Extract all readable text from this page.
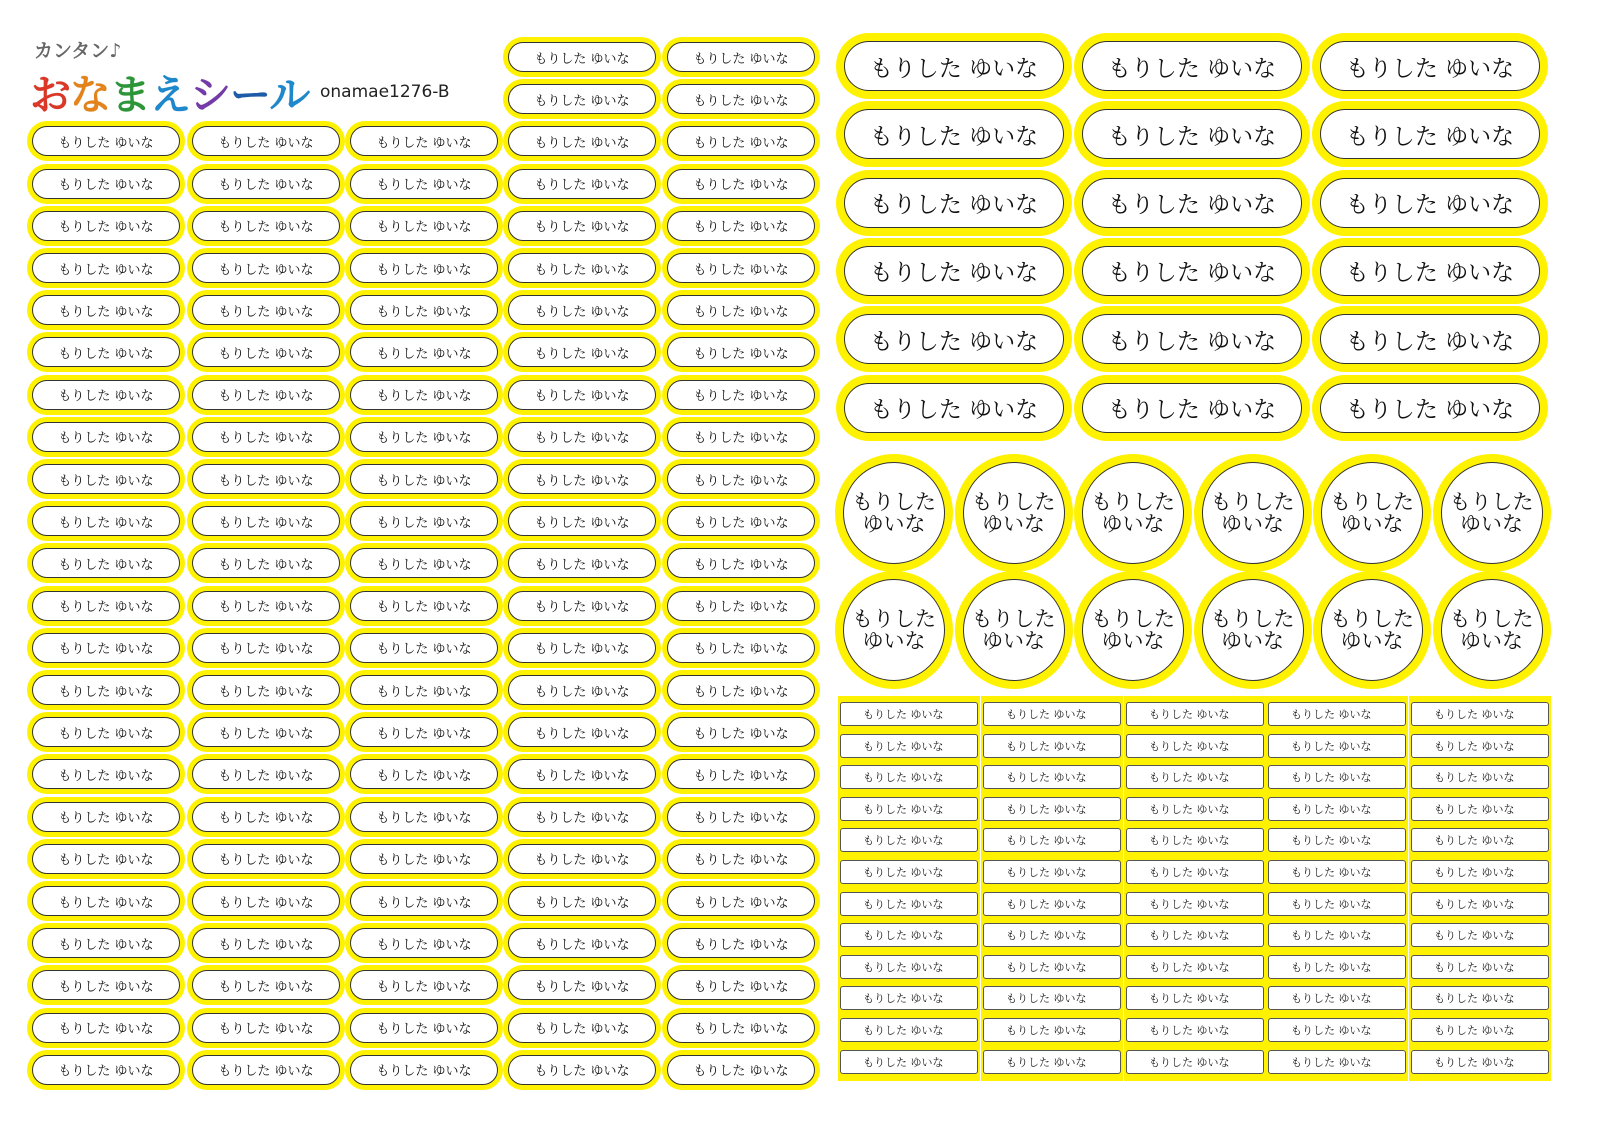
カンタン♪
おなまえシール onamae1276-B
もりした ゆいな
もりした ゆいな
もりした ゆいな
もりした ゆいな
もりした ゆいな
もりした ゆいな
もりした ゆいな
もりした ゆいな
もりした ゆいな
もりした ゆいな
もりした ゆいな
もりした ゆいな
もりした ゆいな
もりした ゆいな
もりした ゆいな
もりした ゆいな
もりした ゆいな
もりした ゆいな
もりした ゆいな
もりした ゆいな
もりした ゆいな
もりした ゆいな
もりした ゆいな
もりした ゆいな
もりした ゆいな
もりした ゆいな
もりした ゆいな
もりした ゆいな
もりした ゆいな
もりした ゆいな
もりした ゆいな
もりした ゆいな
もりした ゆいな
もりした ゆいな
もりした ゆいな
もりした ゆいな
もりした ゆいな
もりした ゆいな
もりした ゆいな
もりした ゆいな
もりした ゆいな
もりした ゆいな
もりした ゆいな
もりした ゆいな
もりした ゆいな
もりした ゆいな
もりした ゆいな
もりした ゆいな
もりした ゆいな
もりした ゆいな
もりした ゆいな
もりした ゆいな
もりした ゆいな
もりした ゆいな
もりした ゆいな
もりした ゆいな
もりした ゆいな
もりした ゆいな
もりした ゆいな
もりした ゆいな
もりした ゆいな
もりした ゆいな
もりした ゆいな
もりした ゆいな
もりした ゆいな
もりした ゆいな
もりした ゆいな
もりした ゆいな
もりした ゆいな
もりした ゆいな
もりした ゆいな
もりした ゆいな
もりした ゆいな
もりした ゆいな
もりした ゆいな
もりした ゆいな
もりした ゆいな
もりした ゆいな
もりした ゆいな
もりした ゆいな
もりした ゆいな
もりした ゆいな
もりした ゆいな
もりした ゆいな
もりした ゆいな
もりした ゆいな
もりした ゆいな
もりした ゆいな
もりした ゆいな
もりした ゆいな
もりした ゆいな
もりした ゆいな
もりした ゆいな
もりした ゆいな
もりした ゆいな
もりした ゆいな
もりした ゆいな
もりした ゆいな
もりした ゆいな
もりした ゆいな
もりした ゆいな
もりした ゆいな
もりした ゆいな
もりした ゆいな
もりした ゆいな
もりした ゆいな
もりした ゆいな
もりした ゆいな
もりした ゆいな
もりした ゆいな
もりした ゆいな
もりした ゆいな
もりした ゆいな
もりした ゆいな
もりした ゆいな
もりした ゆいな
もりした ゆいな
もりした ゆいな
もりした ゆいな
もりした ゆいな
もりした ゆいな
もりした ゆいな
もりした ゆいな
もりした ゆいな
もりした ゆいな
もりした ゆいな
もりした ゆいな
もりした ゆいな
もりした ゆいな
もりした ゆいな
もりした ゆいな
もりした ゆいな
もりした ゆいな
もりした ゆいな
もりした ゆいな
もりした ゆいな
もりした ゆいな
もりした
ゆいな
もりした
ゆいな
もりした
ゆいな
もりした
ゆいな
もりした
ゆいな
もりした
ゆいな
もりした
ゆいな
もりした
ゆいな
もりした
ゆいな
もりした
ゆいな
もりした
ゆいな
もりした
ゆいな
もりした ゆいな
もりした ゆいな
もりした ゆいな
もりした ゆいな
もりした ゆいな
もりした ゆいな
もりした ゆいな
もりした ゆいな
もりした ゆいな
もりした ゆいな
もりした ゆいな
もりした ゆいな
もりした ゆいな
もりした ゆいな
もりした ゆいな
もりした ゆいな
もりした ゆいな
もりした ゆいな
もりした ゆいな
もりした ゆいな
もりした ゆいな
もりした ゆいな
もりした ゆいな
もりした ゆいな
もりした ゆいな
もりした ゆいな
もりした ゆいな
もりした ゆいな
もりした ゆいな
もりした ゆいな
もりした ゆいな
もりした ゆいな
もりした ゆいな
もりした ゆいな
もりした ゆいな
もりした ゆいな
もりした ゆいな
もりした ゆいな
もりした ゆいな
もりした ゆいな
もりした ゆいな
もりした ゆいな
もりした ゆいな
もりした ゆいな
もりした ゆいな
もりした ゆいな
もりした ゆいな
もりした ゆいな
もりした ゆいな
もりした ゆいな
もりした ゆいな
もりした ゆいな
もりした ゆいな
もりした ゆいな
もりした ゆいな
もりした ゆいな
もりした ゆいな
もりした ゆいな
もりした ゆいな
もりした ゆいな
